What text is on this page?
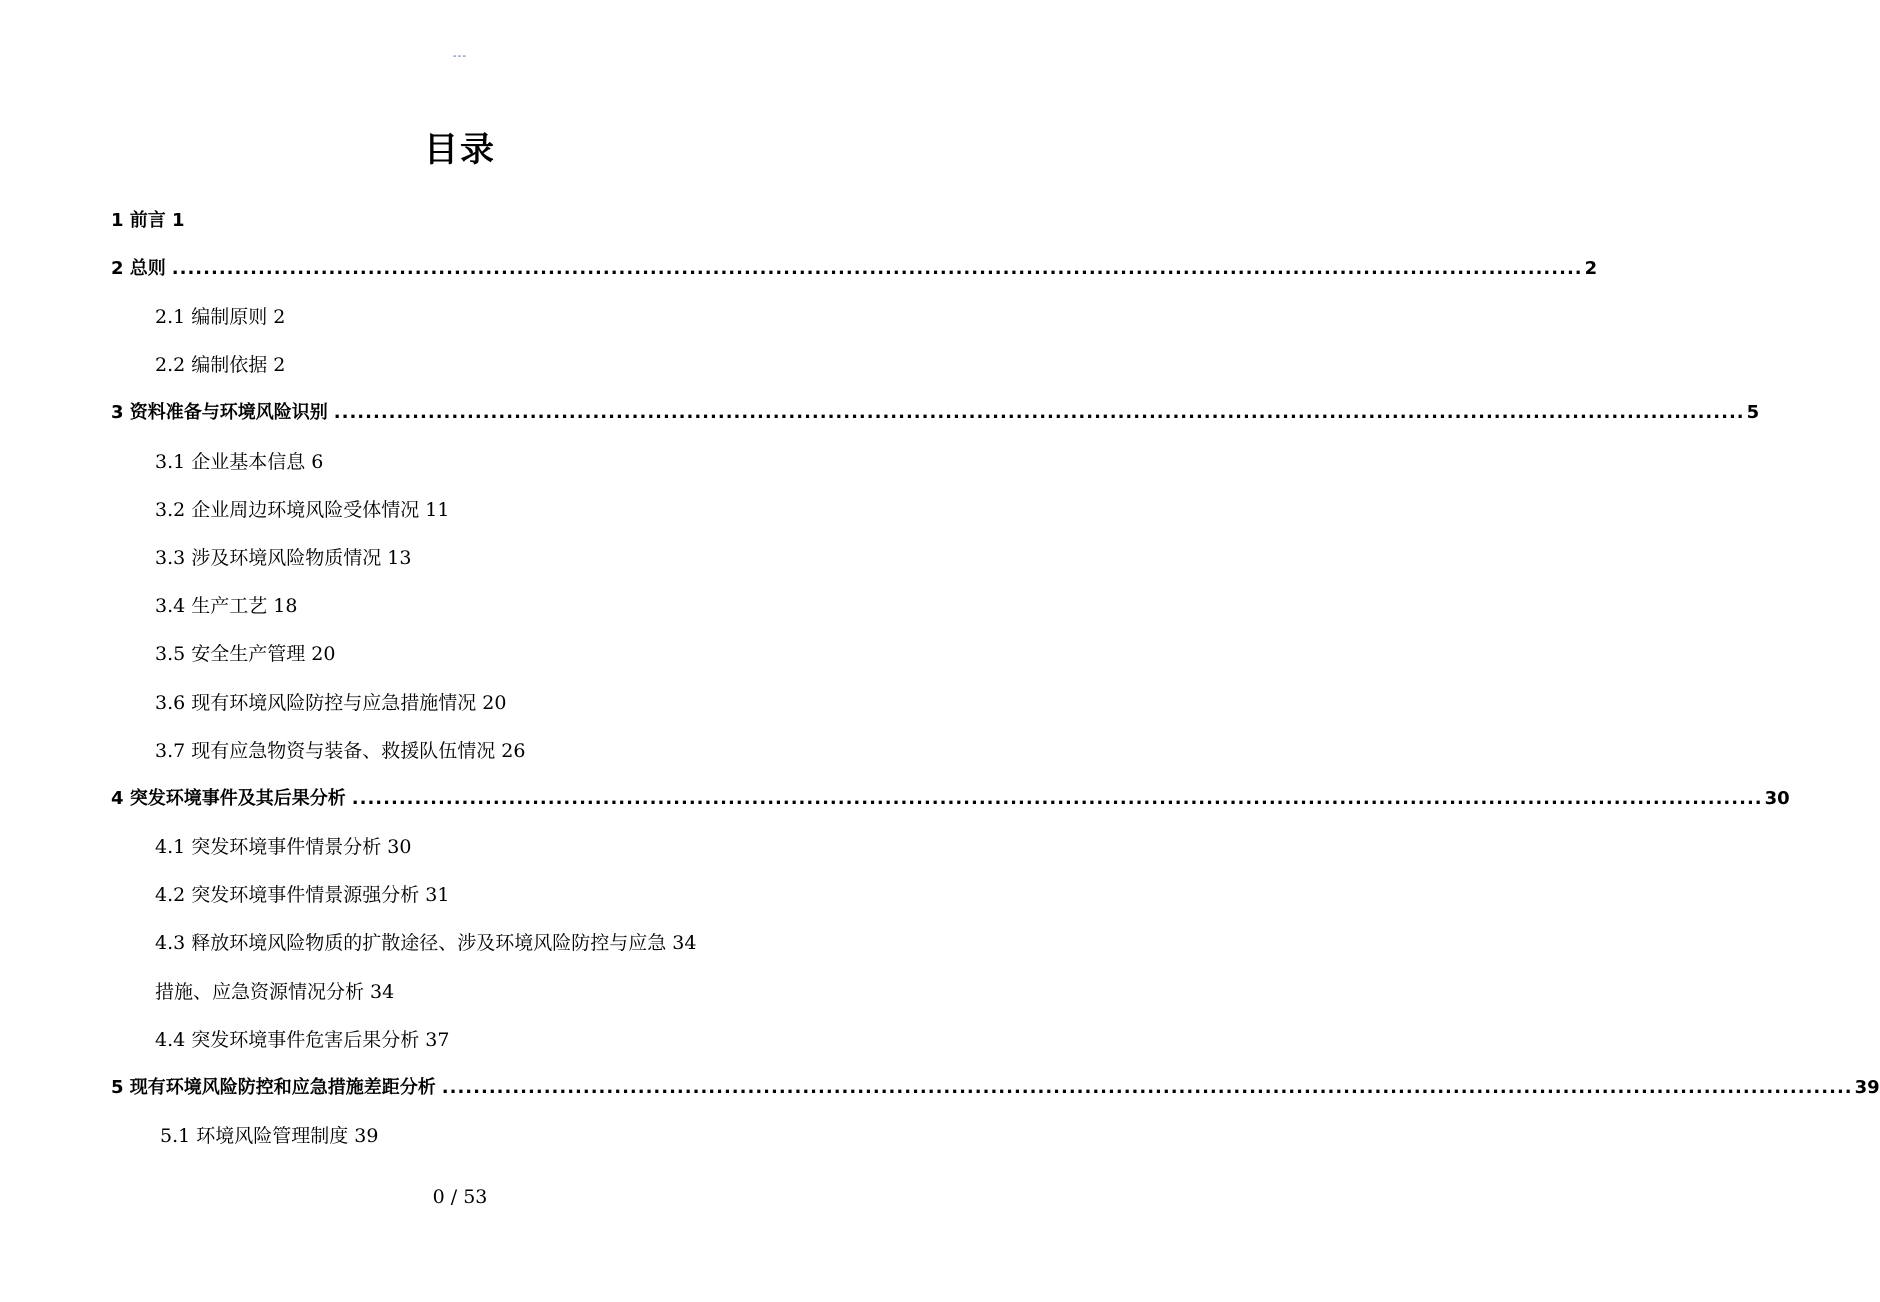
---
目录
1 前言 1
2 总则 .................................................................................................................................................................................... 2
2.1 编制原则 2
2.2 编制依据 2
3 资料准备与环境风险识别 .................................................................................................................................................................................... 5
3.1 企业基本信息 6
3.2 企业周边环境风险受体情况 11
3.3 涉及环境风险物质情况 13
3.4 生产工艺 18
3.5 安全生产管理 20
3.6 现有环境风险防控与应急措施情况 20
3.7 现有应急物资与装备、救援队伍情况 26
4 突发环境事件及其后果分析 .................................................................................................................................................................................... 30
4.1 突发环境事件情景分析 30
4.2 突发环境事件情景源强分析 31
4.3 释放环境风险物质的扩散途径、涉及环境风险防控与应急 34
措施、应急资源情况分析 34
4.4 突发环境事件危害后果分析 37
5 现有环境风险防控和应急措施差距分析 .................................................................................................................................................................................... 39
5.1 环境风险管理制度 39
0 / 53
